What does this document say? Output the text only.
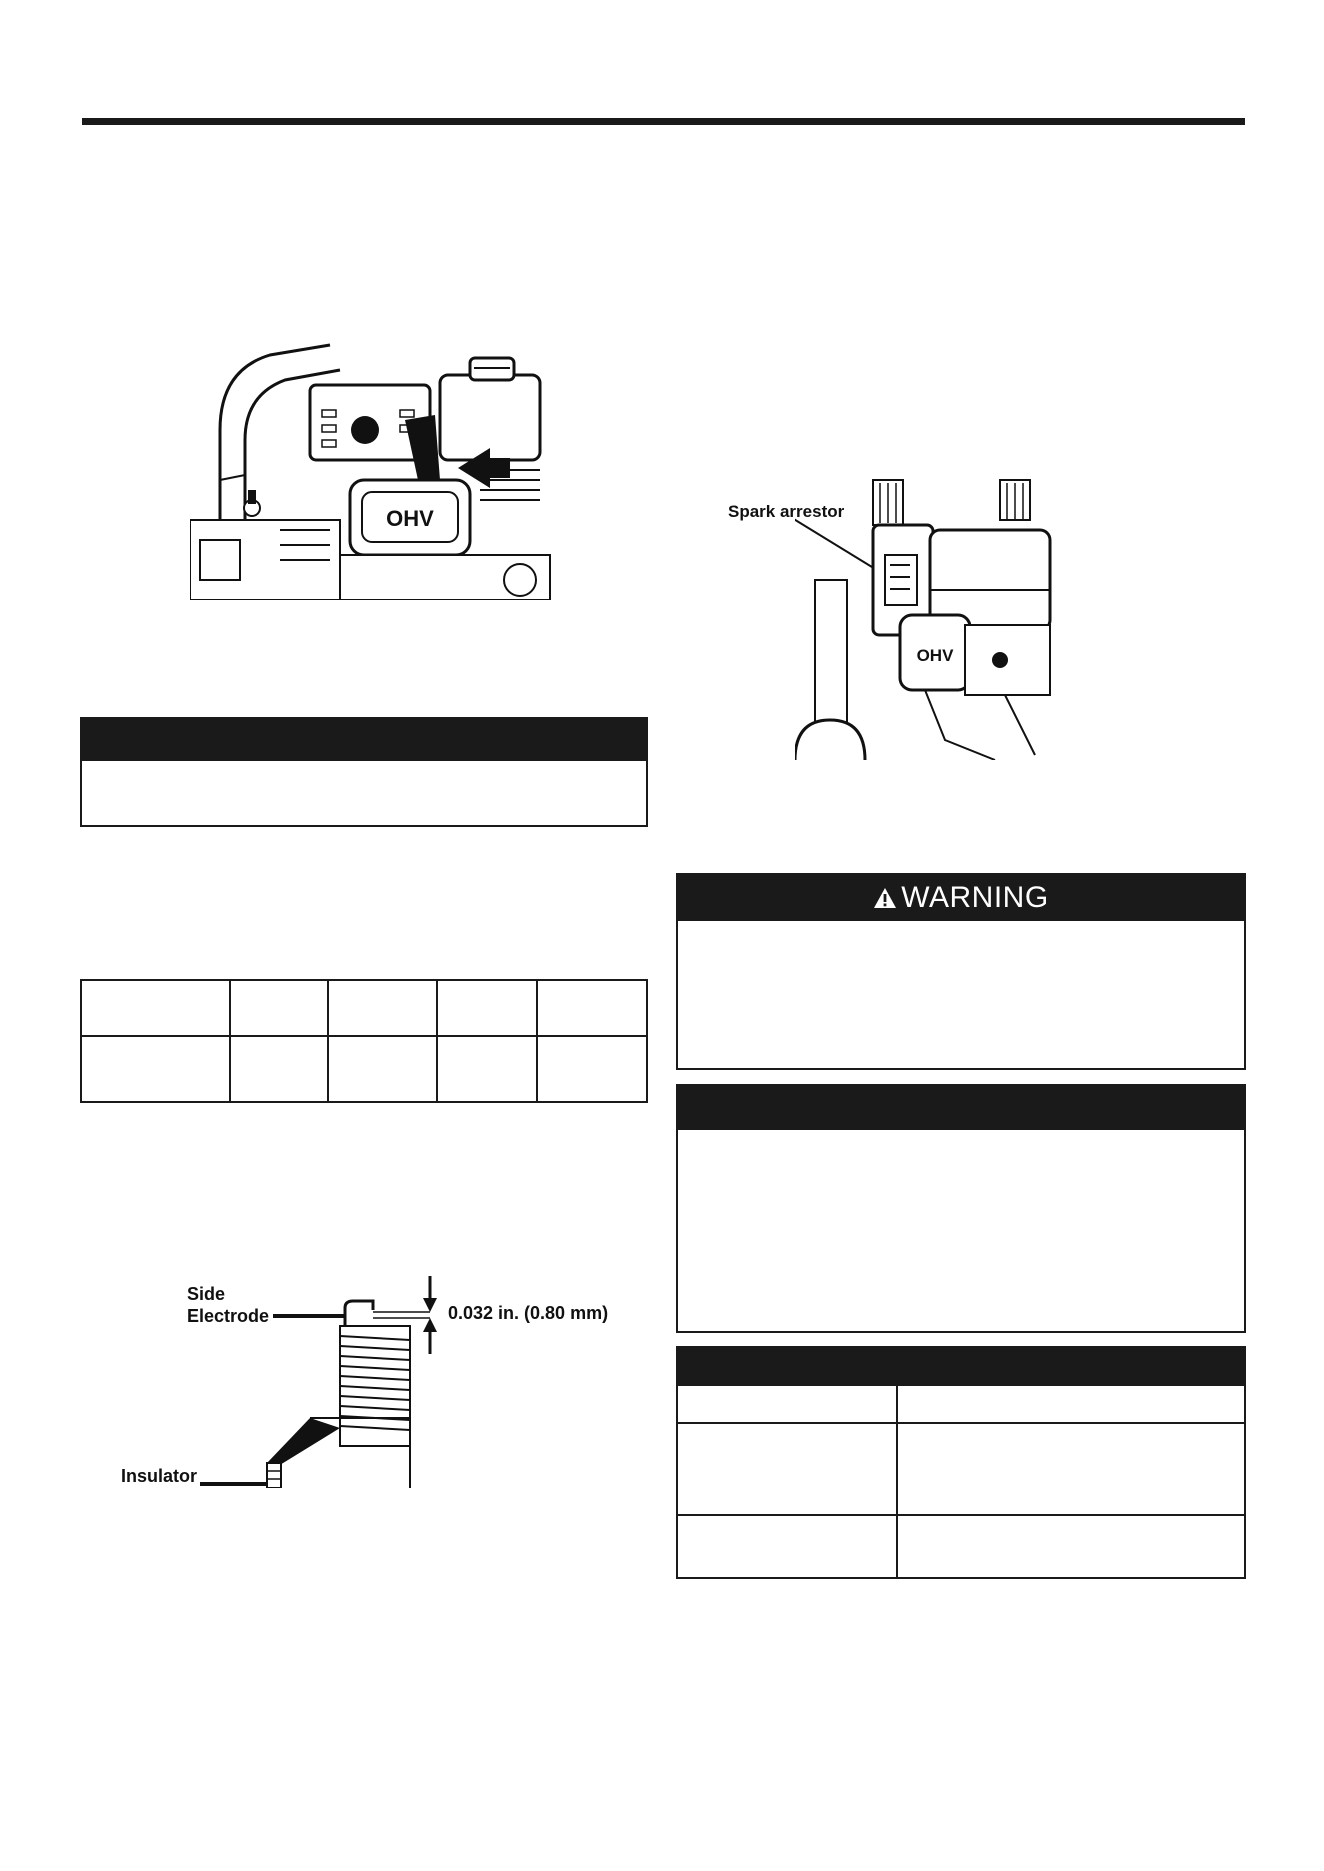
OHV	Spark arrestor
OHV

Side
Electrode	0.032 in. (0.80 mm)
Insulator
WARNING
